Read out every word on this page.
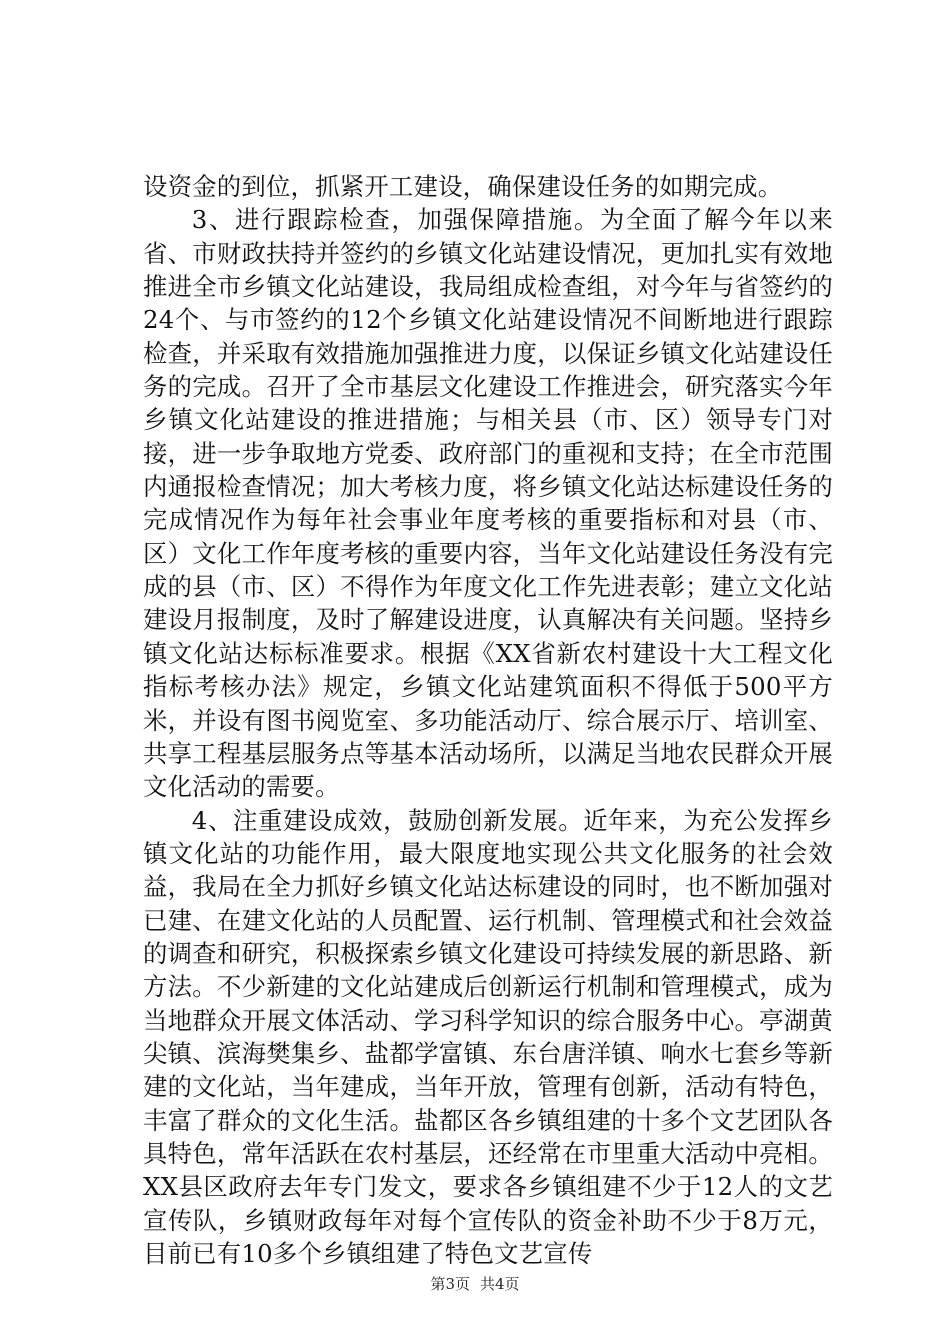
设资金的到位，抓紧开工建设，确保建设任务的如期完成。

3、进行跟踪检查，加强保障措施。为全面了解今年以来省、市财政扶持并签约的乡镇文化站建设情况，更加扎实有效地推进全市乡镇文化站建设，我局组成检查组，对今年与省签约的24个、与市签约的12个乡镇文化站建设情况不间断地进行跟踪检查，并采取有效措施加强推进力度，以保证乡镇文化站建设任务的完成。召开了全市基层文化建设工作推进会，研究落实今年乡镇文化站建设的推进措施；与相关县（市、区）领导专门对接，进一步争取地方党委、政府部门的重视和支持；在全市范围内通报检查情况；加大考核力度，将乡镇文化站达标建设任务的完成情况作为每年社会事业年度考核的重要指标和对县（市、区）文化工作年度考核的重要内容，当年文化站建设任务没有完成的县（市、区）不得作为年度文化工作先进表彰；建立文化站建设月报制度，及时了解建设进度，认真解决有关问题。坚持乡镇文化站达标标准要求。根据《XX省新农村建设十大工程文化指标考核办法》规定，乡镇文化站建筑面积不得低于500平方米，并设有图书阅览室、多功能活动厅、综合展示厅、培训室、共享工程基层服务点等基本活动场所，以满足当地农民群众开展文化活动的需要。

4、注重建设成效，鼓励创新发展。近年来，为充公发挥乡镇文化站的功能作用，最大限度地实现公共文化服务的社会效益，我局在全力抓好乡镇文化站达标建设的同时，也不断加强对已建、在建文化站的人员配置、运行机制、管理模式和社会效益的调查和研究，积极探索乡镇文化建设可持续发展的新思路、新方法。不少新建的文化站建成后创新运行机制和管理模式，成为当地群众开展文体活动、学习科学知识的综合服务中心。亭湖黄尖镇、滨海樊集乡、盐都学富镇、东台唐洋镇、响水七套乡等新建的文化站，当年建成，当年开放，管理有创新，活动有特色，丰富了群众的文化生活。盐都区各乡镇组建的十多个文艺团队各具特色，常年活跃在农村基层，还经常在市里重大活动中亮相。XX县区政府去年专门发文，要求各乡镇组建不少于12人的文艺宣传队，乡镇财政每年对每个宣传队的资金补助不少于8万元，目前已有10多个乡镇组建了特色文艺宣传

第3页 共4页
